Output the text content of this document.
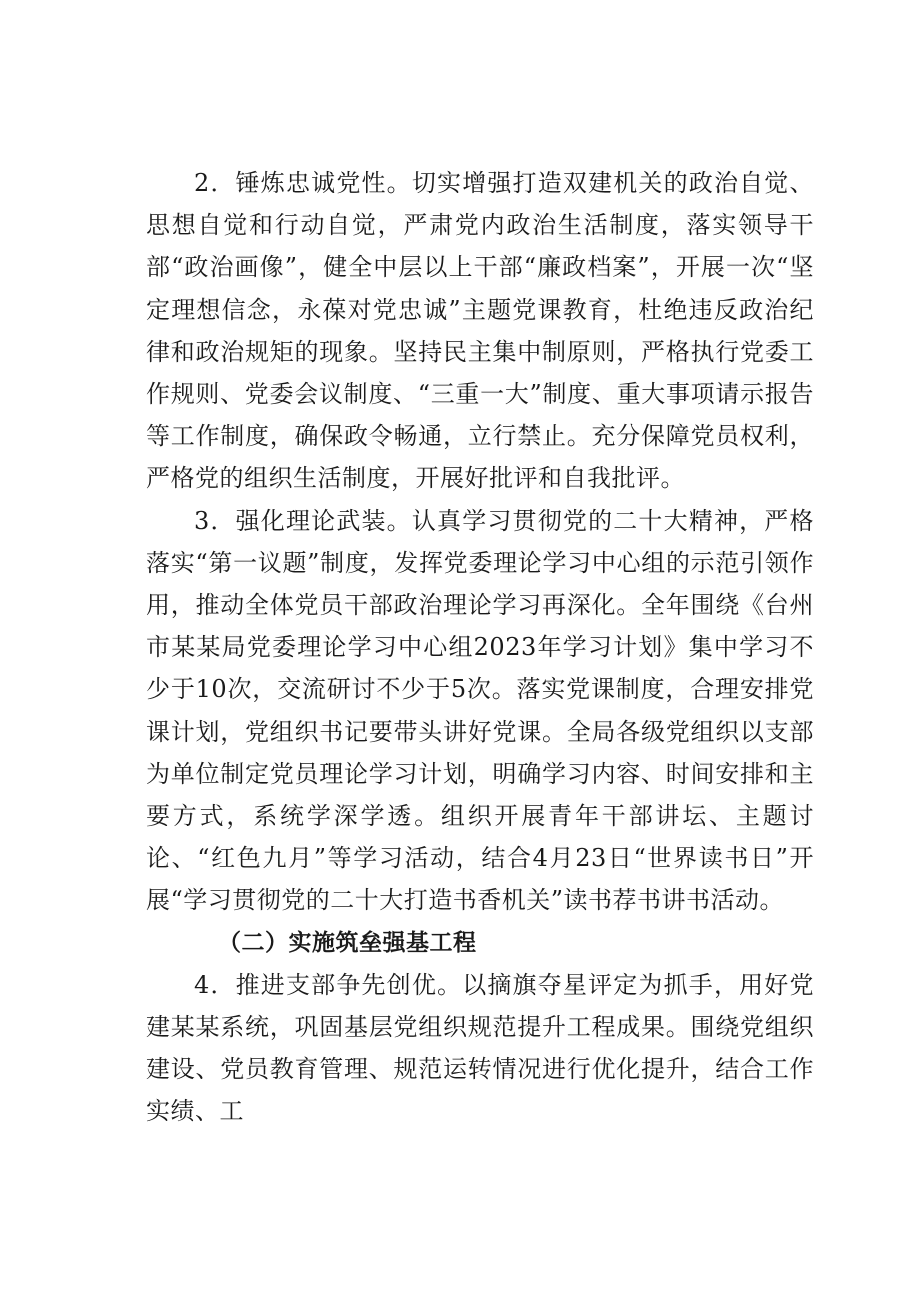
2．锤炼忠诚党性。切实增强打造双建机关的政治自觉、思想自觉和行动自觉，严肃党内政治生活制度，落实领导干部“政治画像”，健全中层以上干部“廉政档案”，开展一次“坚定理想信念，永葆对党忠诚”主题党课教育，杜绝违反政治纪律和政治规矩的现象。坚持民主集中制原则，严格执行党委工作规则、党委会议制度、“三重一大”制度、重大事项请示报告等工作制度，确保政令畅通，立行禁止。充分保障党员权利，严格党的组织生活制度，开展好批评和自我批评。

3．强化理论武装。认真学习贯彻党的二十大精神，严格落实“第一议题”制度，发挥党委理论学习中心组的示范引领作用，推动全体党员干部政治理论学习再深化。全年围绕《台州市某某局党委理论学习中心组2023年学习计划》集中学习不少于10次，交流研讨不少于5次。落实党课制度，合理安排党课计划，党组织书记要带头讲好党课。全局各级党组织以支部为单位制定党员理论学习计划，明确学习内容、时间安排和主要方式，系统学深学透。组织开展青年干部讲坛、主题讨论、“红色九月”等学习活动，结合4月23日“世界读书日”开展“学习贯彻党的二十大打造书香机关”读书荐书讲书活动。

（二）实施筑垒强基工程

4．推进支部争先创优。以摘旗夺星评定为抓手，用好党建某某系统，巩固基层党组织规范提升工程成果。围绕党组织建设、党员教育管理、规范运转情况进行优化提升，结合工作实绩、工
